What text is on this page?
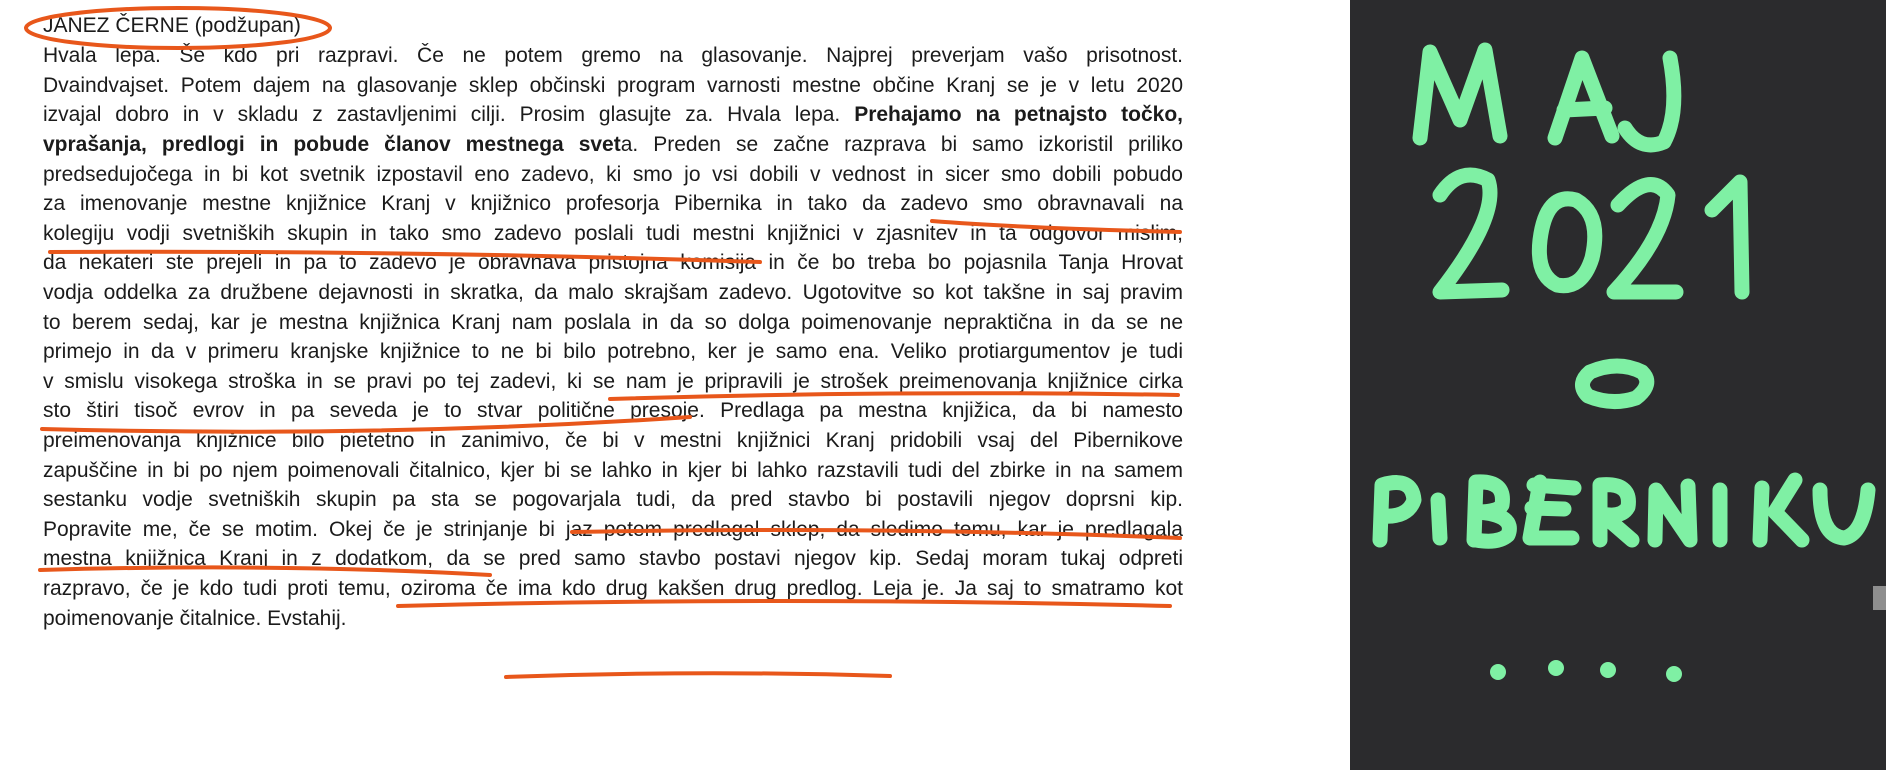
JANEZ ČERNE (podžupan)
Hvala lepa. Še kdo pri razpravi. Če ne potem gremo na glasovanje. Najprej preverjam vašo prisotnost.
Dvaindvajset. Potem dajem na glasovanje sklep občinski program varnosti mestne občine Kranj se je v letu 2020
izvajal dobro in v skladu z zastavljenimi cilji. Prosim glasujte za. Hvala lepa. Prehajamo na petnajsto točko,
vprašanja, predlogi in pobude članov mestnega sveta. Preden se začne razprava bi samo izkoristil priliko
predsedujočega in bi kot svetnik izpostavil eno zadevo, ki smo jo vsi dobili v vednost in sicer smo dobili pobudo
za imenovanje mestne knjižnice Kranj v knjižnico profesorja Pibernika in tako da zadevo smo obravnavali na
kolegiju vodji svetniških skupin in tako smo zadevo poslali tudi mestni knjižnici v zjasnitev in ta odgovor mislim,
da nekateri ste prejeli in pa to zadevo je obravnava pristojna komisija in če bo treba bo pojasnila Tanja Hrovat
vodja oddelka za družbene dejavnosti in skratka, da malo skrajšam zadevo. Ugotovitve so kot takšne in saj pravim
to berem sedaj, kar je mestna knjižnica Kranj nam poslala in da so dolga poimenovanje nepraktična in da se ne
primejo in da v primeru kranjske knjižnice to ne bi bilo potrebno, ker je samo ena. Veliko protiargumentov je tudi
v smislu visokega stroška in se pravi po tej zadevi, ki se nam je pripravili je strošek preimenovanja knjižnice cirka
sto štiri tisoč evrov in pa seveda je to stvar politične presoje. Predlaga pa mestna knjižica, da bi namesto
preimenovanja knjižnice bilo pietetno in zanimivo, če bi v mestni knjižnici Kranj pridobili vsaj del Pibernikove
zapuščine in bi po njem poimenovali čitalnico, kjer bi se lahko in kjer bi lahko razstavili tudi del zbirke in na samem
sestanku vodje svetniških skupin pa sta se pogovarjala tudi, da pred stavbo bi postavili njegov doprsni kip.
Popravite me, če se motim. Okej če je strinjanje bi jaz potem predlagal sklep, da sledimo temu, kar je predlagala
mestna knjižnica Kranj in z dodatkom, da se pred samo stavbo postavi njegov kip. Sedaj moram tukaj odpreti
razpravo, če je kdo tudi proti temu, oziroma če ima kdo drug kakšen drug predlog. Leja je. Ja saj to smatramo kot
poimenovanje čitalnice. Evstahij.
